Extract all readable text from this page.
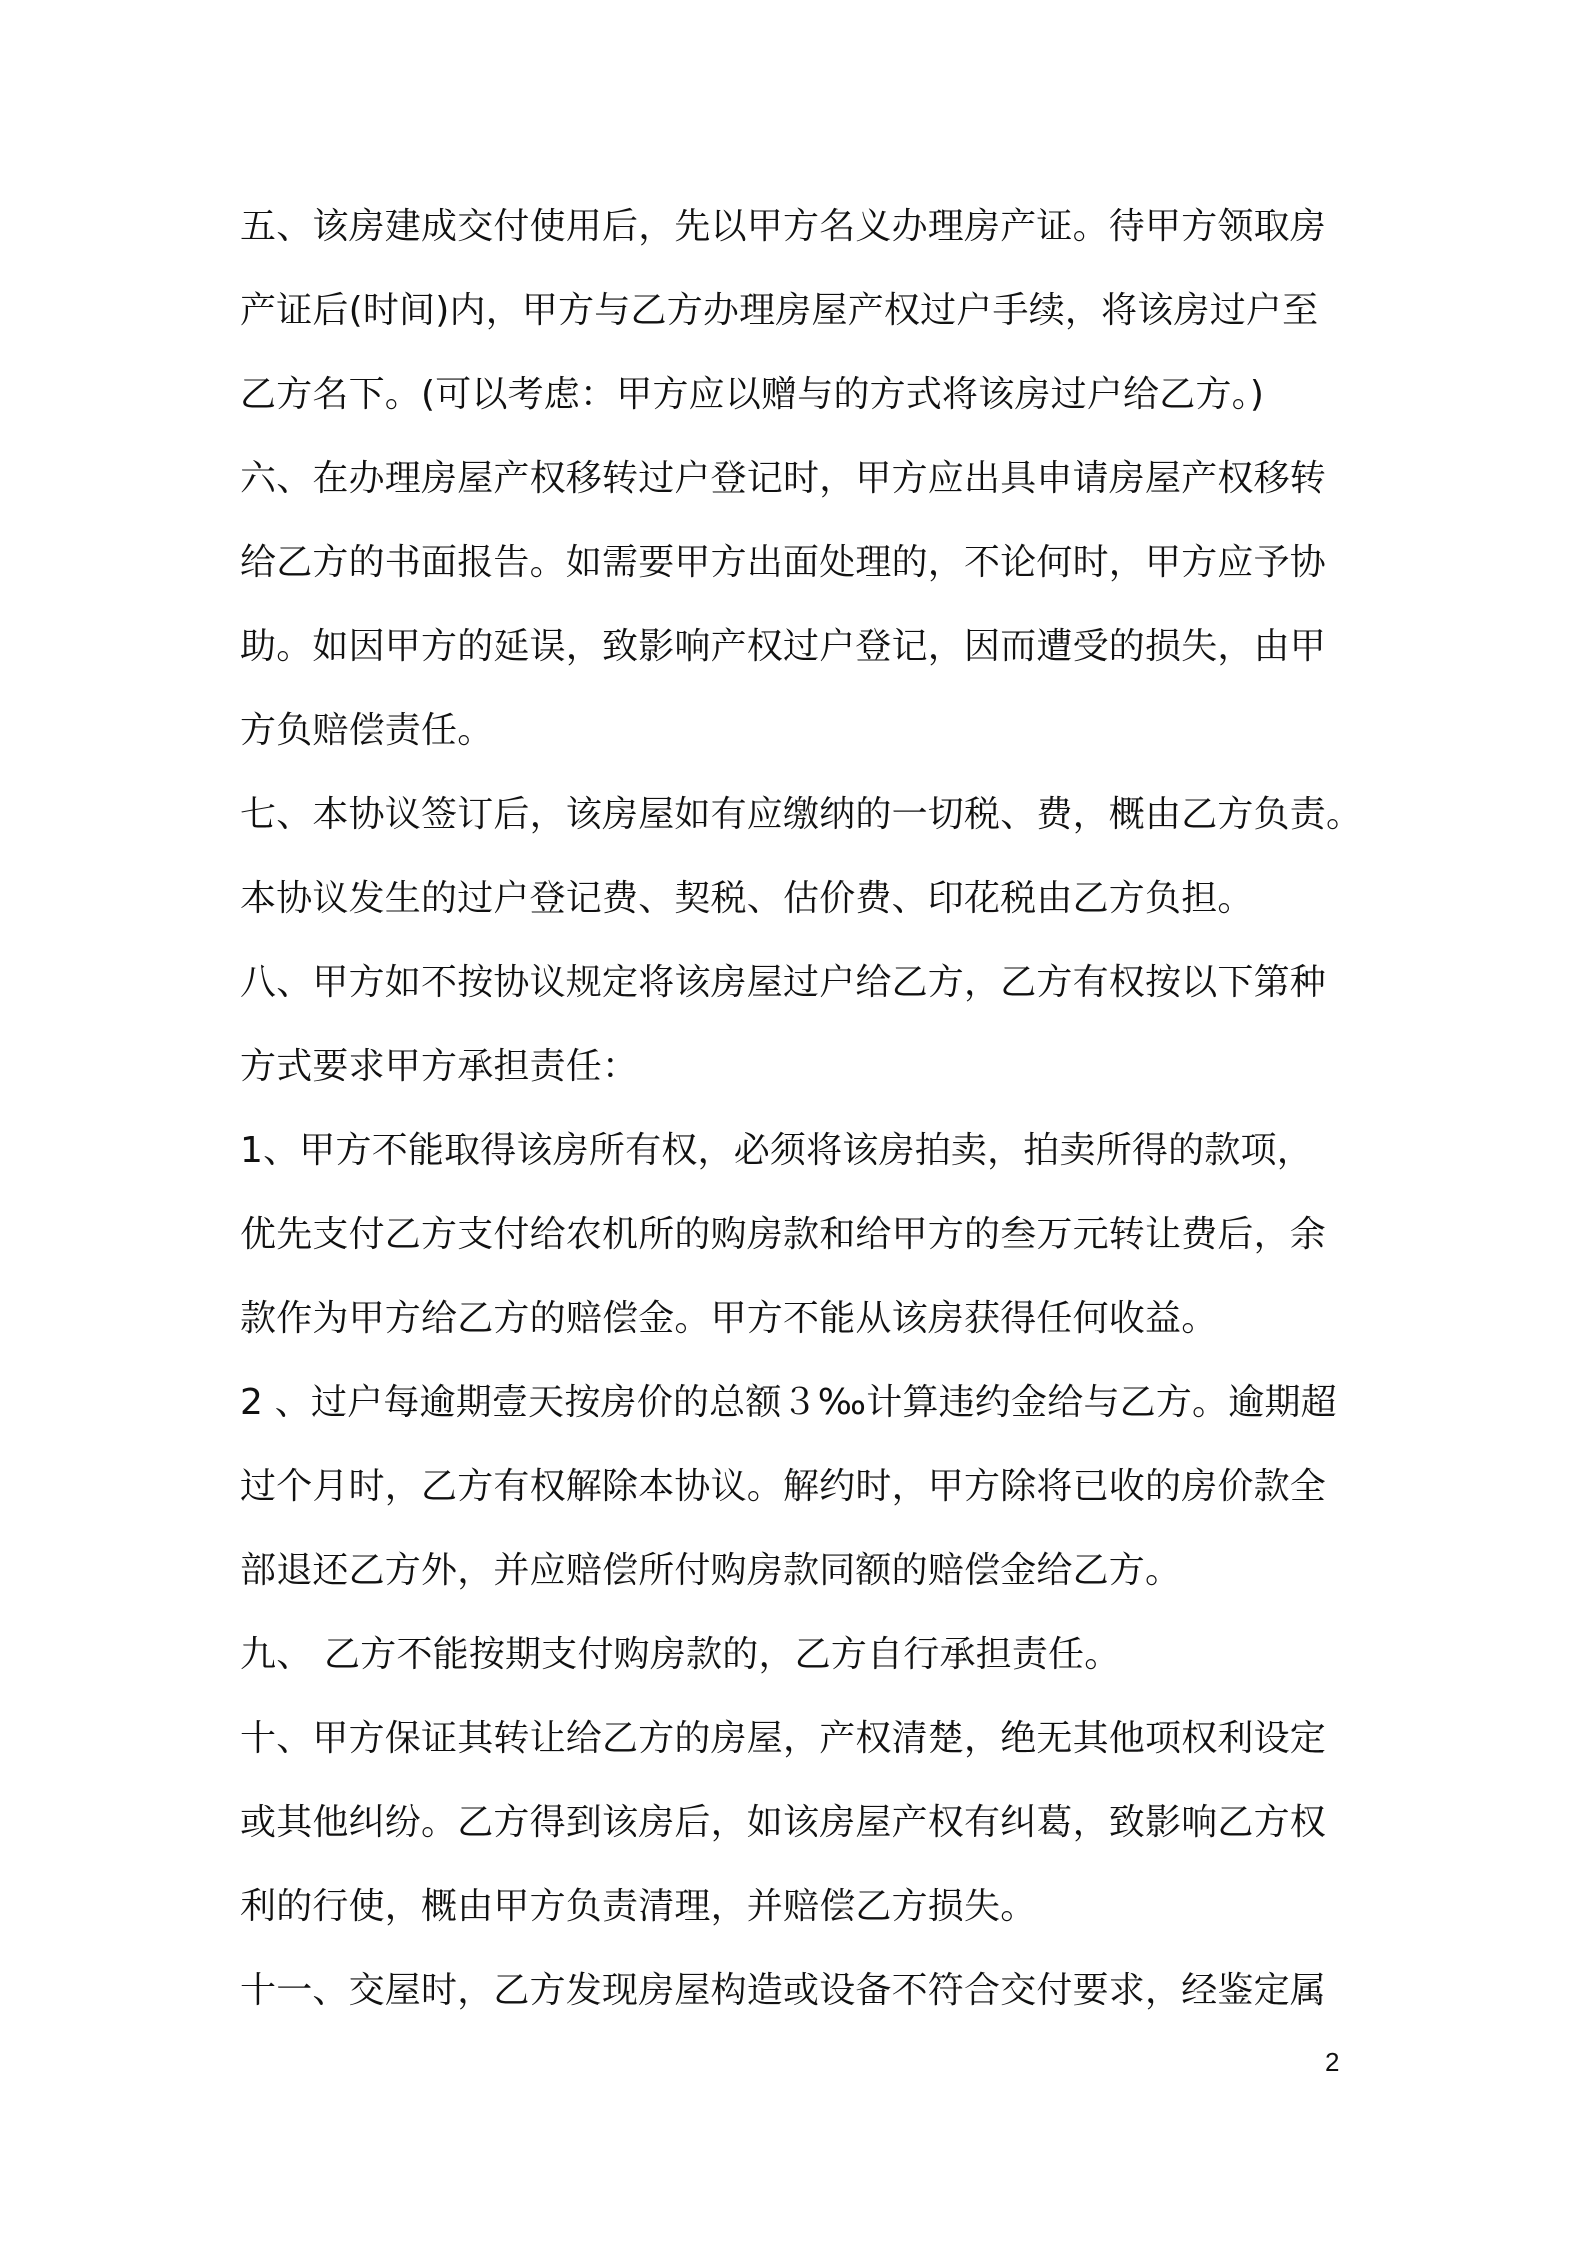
五、该房建成交付使用后，先以甲方名义办理房产证。待甲方领取房
产证后(时间)内，甲方与乙方办理房屋产权过户手续，将该房过户至
乙方名下。(可以考虑：甲方应以赠与的方式将该房过户给乙方。)
六、在办理房屋产权移转过户登记时，甲方应出具申请房屋产权移转
给乙方的书面报告。如需要甲方出面处理的，不论何时，甲方应予协
助。如因甲方的延误，致影响产权过户登记，因而遭受的损失，由甲
方负赔偿责任。
七、本协议签订后，该房屋如有应缴纳的一切税、费，概由乙方负责。
本协议发生的过户登记费、契税、估价费、印花税由乙方负担。
八、甲方如不按协议规定将该房屋过户给乙方，乙方有权按以下第种
方式要求甲方承担责任：
1、甲方不能取得该房所有权，必须将该房拍卖，拍卖所得的款项，
优先支付乙方支付给农机所的购房款和给甲方的叁万元转让费后，余
款作为甲方给乙方的赔偿金。甲方不能从该房获得任何收益。
2 、过户每逾期壹天按房价的总额３‰计算违约金给与乙方。逾期超
过个月时，乙方有权解除本协议。解约时，甲方除将已收的房价款全
部退还乙方外，并应赔偿所付购房款同额的赔偿金给乙方。
九、 乙方不能按期支付购房款的，乙方自行承担责任。
十、甲方保证其转让给乙方的房屋，产权清楚，绝无其他项权利设定
或其他纠纷。乙方得到该房后，如该房屋产权有纠葛，致影响乙方权
利的行使，概由甲方负责清理，并赔偿乙方损失。
十一、交屋时，乙方发现房屋构造或设备不符合交付要求，经鉴定属
2
